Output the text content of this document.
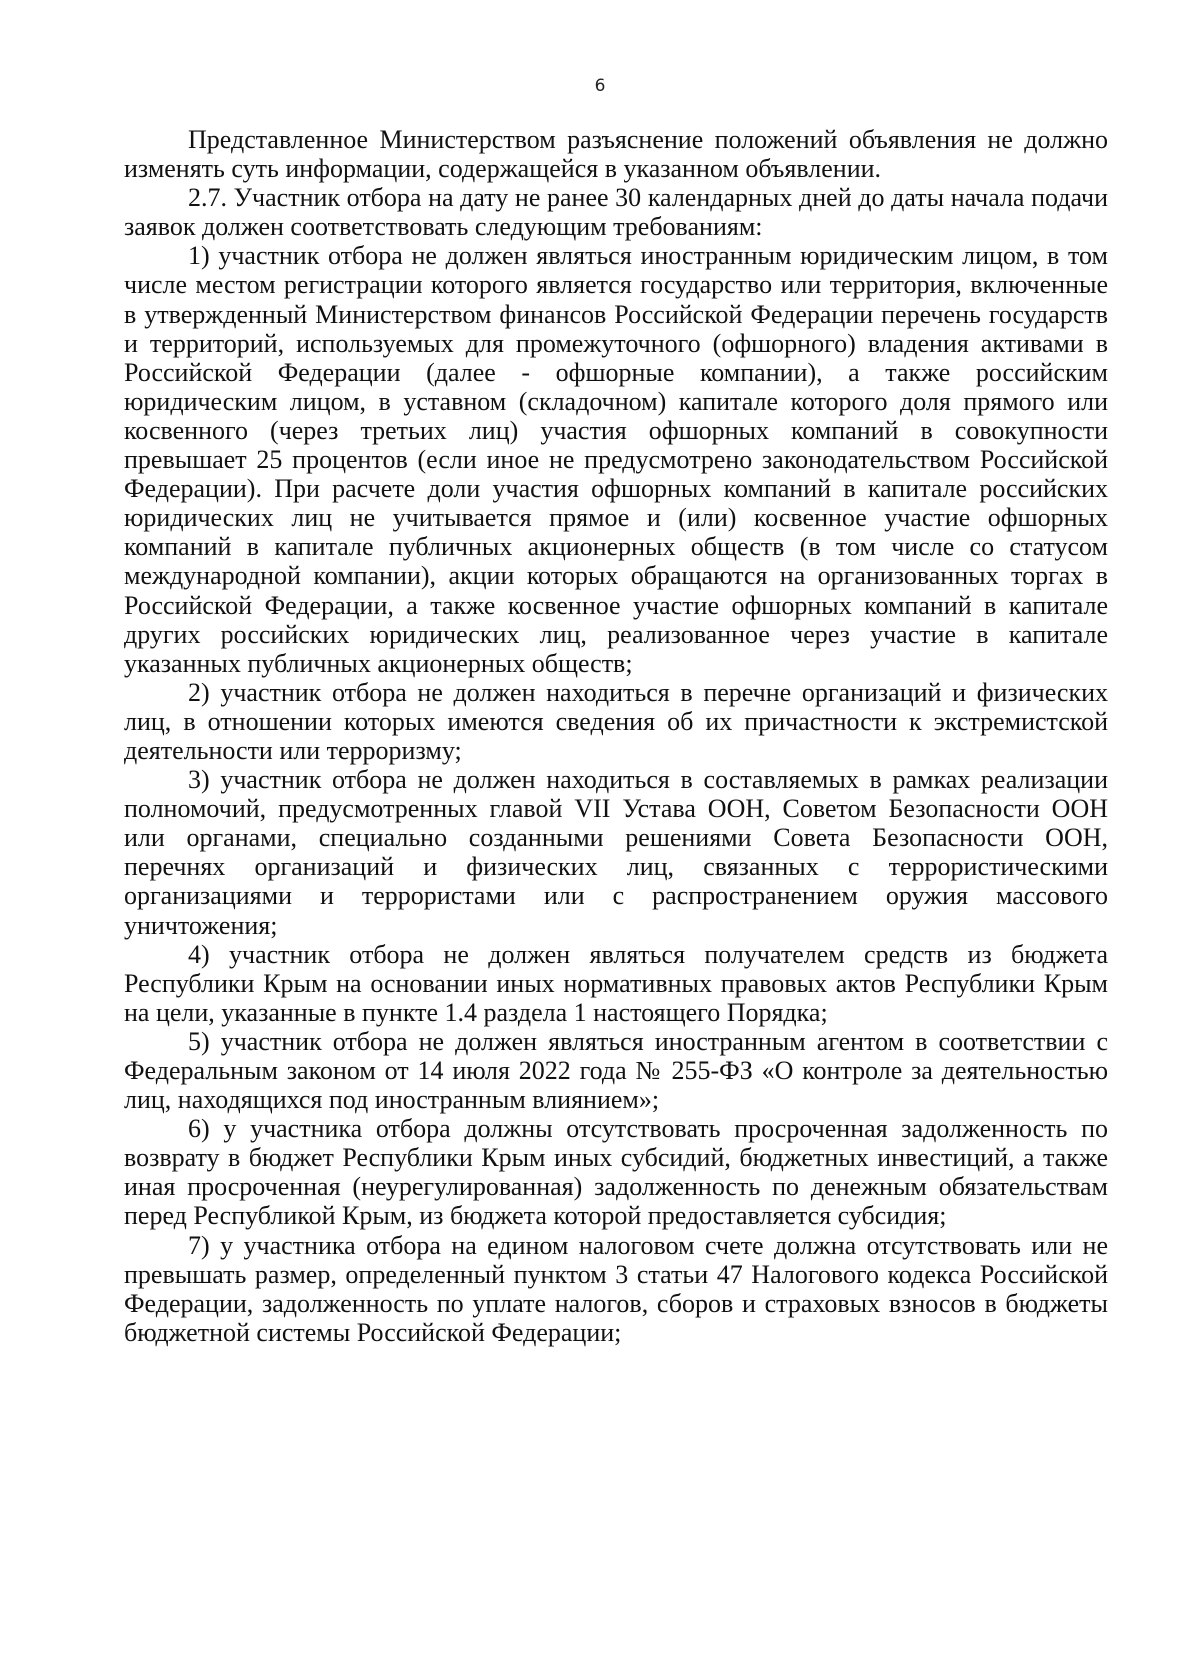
6

Представленное Министерством разъяснение положений объявления не должно изменять суть информации, содержащейся в указанном объявлении.

2.7. Участник отбора на дату не ранее 30 календарных дней до даты начала подачи заявок должен соответствовать следующим требованиям:

1) участник отбора не должен являться иностранным юридическим лицом, в том числе местом регистрации которого является государство или территория, включенные в утвержденный Министерством финансов Российской Федерации перечень государств и территорий, используемых для промежуточного (офшорного) владения активами в Российской Федерации (далее - офшорные компании), а также российским юридическим лицом, в уставном (складочном) капитале которого доля прямого или косвенного (через третьих лиц) участия офшорных компаний в совокупности превышает 25 процентов (если иное не предусмотрено законодательством Российской Федерации). При расчете доли участия офшорных компаний в капитале российских юридических лиц не учитывается прямое и (или) косвенное участие офшорных компаний в капитале публичных акционерных обществ (в том числе со статусом международной компании), акции которых обращаются на организованных торгах в Российской Федерации, а также косвенное участие офшорных компаний в капитале других российских юридических лиц, реализованное через участие в капитале указанных публичных акционерных обществ;

2) участник отбора не должен находиться в перечне организаций и физических лиц, в отношении которых имеются сведения об их причастности к экстремистской деятельности или терроризму;

3) участник отбора не должен находиться в составляемых в рамках реализации полномочий, предусмотренных главой VII Устава ООН, Советом Безопасности ООН или органами, специально созданными решениями Совета Безопасности ООН, перечнях организаций и физических лиц, связанных с террористическими организациями и террористами или с распространением оружия массового уничтожения;

4) участник отбора не должен являться получателем средств из бюджета Республики Крым на основании иных нормативных правовых актов Республики Крым на цели, указанные в пункте 1.4 раздела 1 настоящего Порядка;

5) участник отбора не должен являться иностранным агентом в соответствии с Федеральным законом от 14 июля 2022 года № 255-ФЗ «О контроле за деятельностью лиц, находящихся под иностранным влиянием»;

6) у участника отбора должны отсутствовать просроченная задолженность по возврату в бюджет Республики Крым иных субсидий, бюджетных инвестиций, а также иная просроченная (неурегулированная) задолженность по денежным обязательствам перед Республикой Крым, из бюджета которой предоставляется субсидия;

7) у участника отбора на едином налоговом счете должна отсутствовать или не превышать размер, определенный пунктом 3 статьи 47 Налогового кодекса Российской Федерации, задолженность по уплате налогов, сборов и страховых взносов в бюджеты бюджетной системы Российской Федерации;
